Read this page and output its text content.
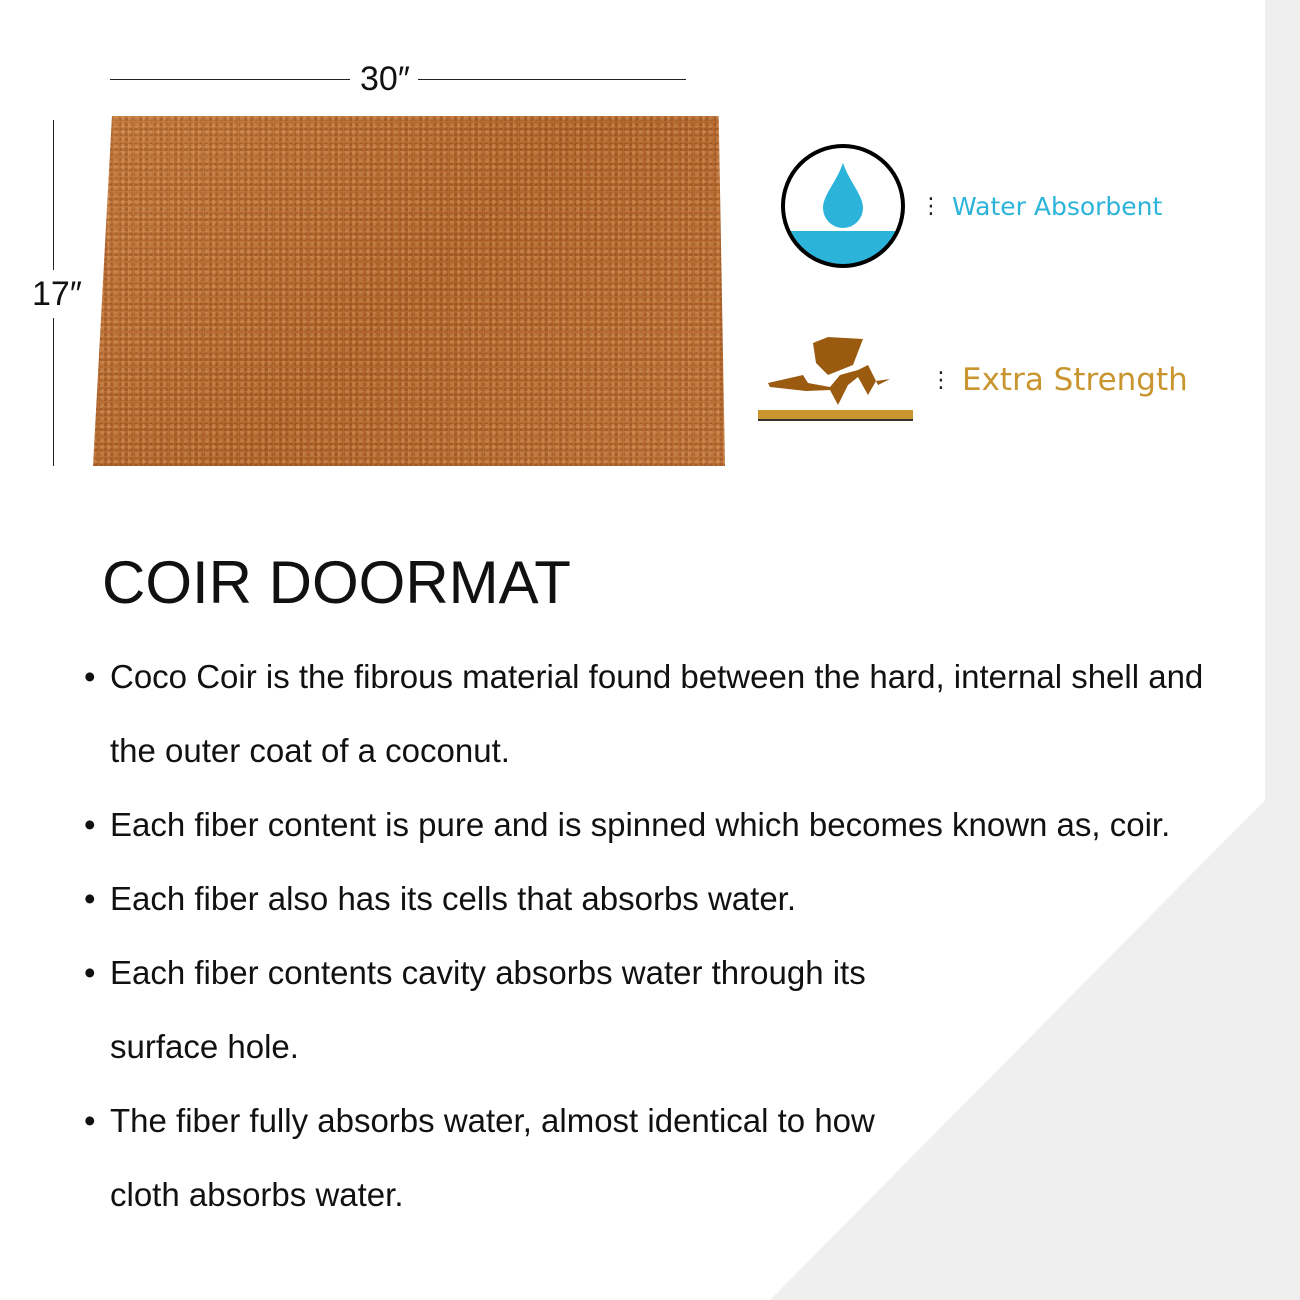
30″
17″
⋮ Water Absorbent
⋮ Extra Strength
COIR DOORMAT
• Coco Coir is the fibrous material found between the hard, internal shell and the outer coat of a coconut.
• Each fiber content is pure and is spinned which becomes known as, coir.
• Each fiber also has its cells that absorbs water.
• Each fiber contents cavity absorbs water through its surface hole.
• The fiber fully absorbs water, almost identical to how cloth absorbs water.
